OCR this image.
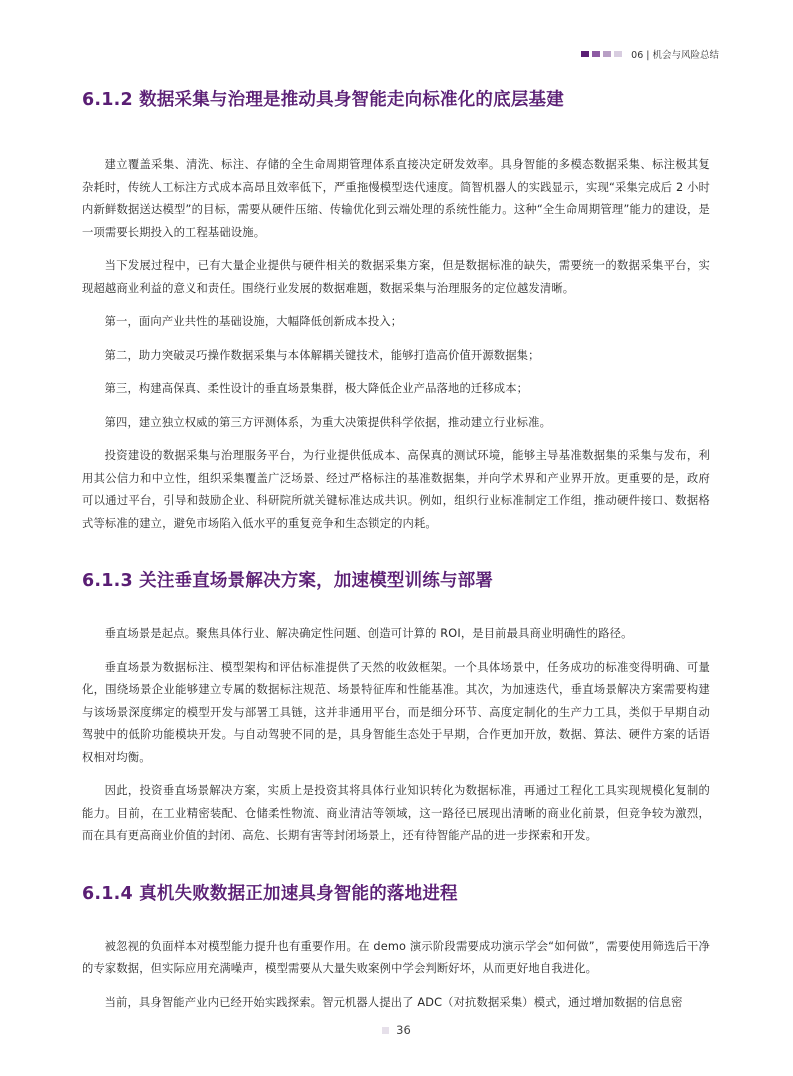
06 | 机会与风险总结
6.1.2 数据采集与治理是推动具身智能走向标准化的底层基建

建立覆盖采集、清洗、标注、存储的全生命周期管理体系直接决定研发效率。具身智能的多模态数据采集、标注极其复杂耗时，传统人工标注方式成本高昂且效率低下，严重拖慢模型迭代速度。简智机器人的实践显示，实现“采集完成后 2 小时内新鲜数据送达模型”的目标，需要从硬件压缩、传输优化到云端处理的系统性能力。这种“全生命周期管理”能力的建设，是一项需要长期投入的工程基础设施。

当下发展过程中，已有大量企业提供与硬件相关的数据采集方案，但是数据标准的缺失，需要统一的数据采集平台，实现超越商业利益的意义和责任。围绕行业发展的数据难题，数据采集与治理服务的定位越发清晰。

第一，面向产业共性的基础设施，大幅降低创新成本投入；

第二，助力突破灵巧操作数据采集与本体解耦关键技术，能够打造高价值开源数据集；

第三，构建高保真、柔性设计的垂直场景集群，极大降低企业产品落地的迁移成本；

第四，建立独立权威的第三方评测体系，为重大决策提供科学依据，推动建立行业标准。

投资建设的数据采集与治理服务平台，为行业提供低成本、高保真的测试环境，能够主导基准数据集的采集与发布，利用其公信力和中立性，组织采集覆盖广泛场景、经过严格标注的基准数据集，并向学术界和产业界开放。更重要的是，政府可以通过平台，引导和鼓励企业、科研院所就关键标准达成共识。例如，组织行业标准制定工作组，推动硬件接口、数据格式等标准的建立，避免市场陷入低水平的重复竞争和生态锁定的内耗。

6.1.3 关注垂直场景解决方案，加速模型训练与部署

垂直场景是起点。聚焦具体行业、解决确定性问题、创造可计算的 ROI，是目前最具商业明确性的路径。

垂直场景为数据标注、模型架构和评估标准提供了天然的收敛框架。一个具体场景中，任务成功的标准变得明确、可量化，围绕场景企业能够建立专属的数据标注规范、场景特征库和性能基准。其次，为加速迭代，垂直场景解决方案需要构建与该场景深度绑定的模型开发与部署工具链，这并非通用平台，而是细分环节、高度定制化的生产力工具，类似于早期自动驾驶中的低阶功能模块开发。与自动驾驶不同的是，具身智能生态处于早期，合作更加开放，数据、算法、硬件方案的话语权相对均衡。

因此，投资垂直场景解决方案，实质上是投资其将具体行业知识转化为数据标准，再通过工程化工具实现规模化复制的能力。目前，在工业精密装配、仓储柔性物流、商业清洁等领域，这一路径已展现出清晰的商业化前景，但竞争较为激烈，而在具有更高商业价值的封闭、高危、长期有害等封闭场景上，还有待智能产品的进一步探索和开发。

6.1.4 真机失败数据正加速具身智能的落地进程

被忽视的负面样本对模型能力提升也有重要作用。在 demo 演示阶段需要成功演示学会“如何做”，需要使用筛选后干净的专家数据，但实际应用充满噪声，模型需要从大量失败案例中学会判断好坏，从而更好地自我进化。

当前，具身智能产业内已经开始实践探索。智元机器人提出了 ADC（对抗数据采集）模式，通过增加数据的信息密

36
